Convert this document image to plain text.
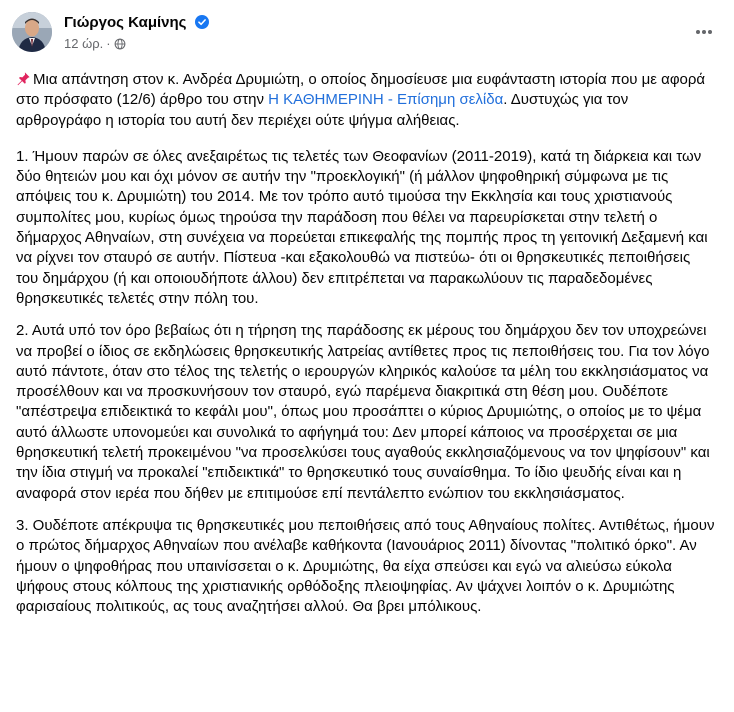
Γιώργος Καμίνης
12 ώρ. ·

Μια απάντηση στον κ. Ανδρέα Δρυμιώτη, ο οποίος δημοσίευσε μια ευφάνταστη ιστορία που με αφορά στο πρόσφατο (12/6) άρθρο του στην Η ΚΑΘΗΜΕΡΙΝΗ - Επίσημη σελίδα. Δυστυχώς για τον αρθρογράφο η ιστορία του αυτή δεν περιέχει ούτε ψήγμα αλήθειας.

1. Ήμουν παρών σε όλες ανεξαιρέτως τις τελετές των Θεοφανίων (2011-2019), κατά τη διάρκεια και των δύο θητειών μου και όχι μόνον σε αυτήν την "προεκλογική" (ή μάλλον ψηφοθηρική σύμφωνα με τις απόψεις του κ. Δρυμιώτη) του 2014. Με τον τρόπο αυτό τιμούσα την Εκκλησία και τους χριστιανούς συμπολίτες μου, κυρίως όμως τηρούσα την παράδοση που θέλει να παρευρίσκεται στην τελετή ο δήμαρχος Αθηναίων, στη συνέχεια να πορεύεται επικεφαλής της πομπής προς τη γειτονική Δεξαμενή και να ρίχνει τον σταυρό σε αυτήν. Πίστευα -και εξακολουθώ να πιστεύω- ότι οι θρησκευτικές πεποιθήσεις του δημάρχου (ή και οποιουδήποτε άλλου) δεν επιτρέπεται να παρακωλύουν τις παραδεδομένες θρησκευτικές τελετές στην πόλη του.

2. Αυτά υπό τον όρο βεβαίως ότι η τήρηση της παράδοσης εκ μέρους του δημάρχου δεν τον υποχρεώνει να προβεί ο ίδιος σε εκδηλώσεις θρησκευτικής λατρείας αντίθετες προς τις πεποιθήσεις του. Για τον λόγο αυτό πάντοτε, όταν στο τέλος της τελετής ο ιερουργών κληρικός καλούσε τα μέλη του εκκλησιάσματος να προσέλθουν και να προσκυνήσουν τον σταυρό, εγώ παρέμενα διακριτικά στη θέση μου. Ουδέποτε "απέστρεψα επιδεικτικά το κεφάλι μου", όπως μου προσάπτει ο κύριος Δρυμιώτης, ο οποίος με το ψέμα αυτό άλλωστε υπονομεύει και συνολικά το αφήγημά του: Δεν μπορεί κάποιος να προσέρχεται σε μια θρησκευτική τελετή προκειμένου "να προσελκύσει τους αγαθούς εκκλησιαζόμενους να τον ψηφίσουν" και την ίδια στιγμή να προκαλεί "επιδεικτικά" το θρησκευτικό τους συναίσθημα. Το ίδιο ψευδής είναι και η αναφορά στον ιερέα που δήθεν με επιτιμούσε επί πεντάλεπτο ενώπιον του εκκλησιάσματος.

3. Ουδέποτε απέκρυψα τις θρησκευτικές μου πεποιθήσεις από τους Αθηναίους πολίτες. Αντιθέτως, ήμουν ο πρώτος δήμαρχος Αθηναίων που ανέλαβε καθήκοντα (Ιανουάριος 2011) δίνοντας "πολιτικό όρκο". Αν ήμουν ο ψηφοθήρας που υπαινίσσεται ο κ. Δρυμιώτης, θα είχα σπεύσει και εγώ να αλιεύσω εύκολα ψήφους στους κόλπους της χριστιανικής ορθόδοξης πλειοψηφίας. Αν ψάχνει λοιπόν ο κ. Δρυμιώτης φαρισαίους πολιτικούς, ας τους αναζητήσει αλλού. Θα βρει μπόλικους.
